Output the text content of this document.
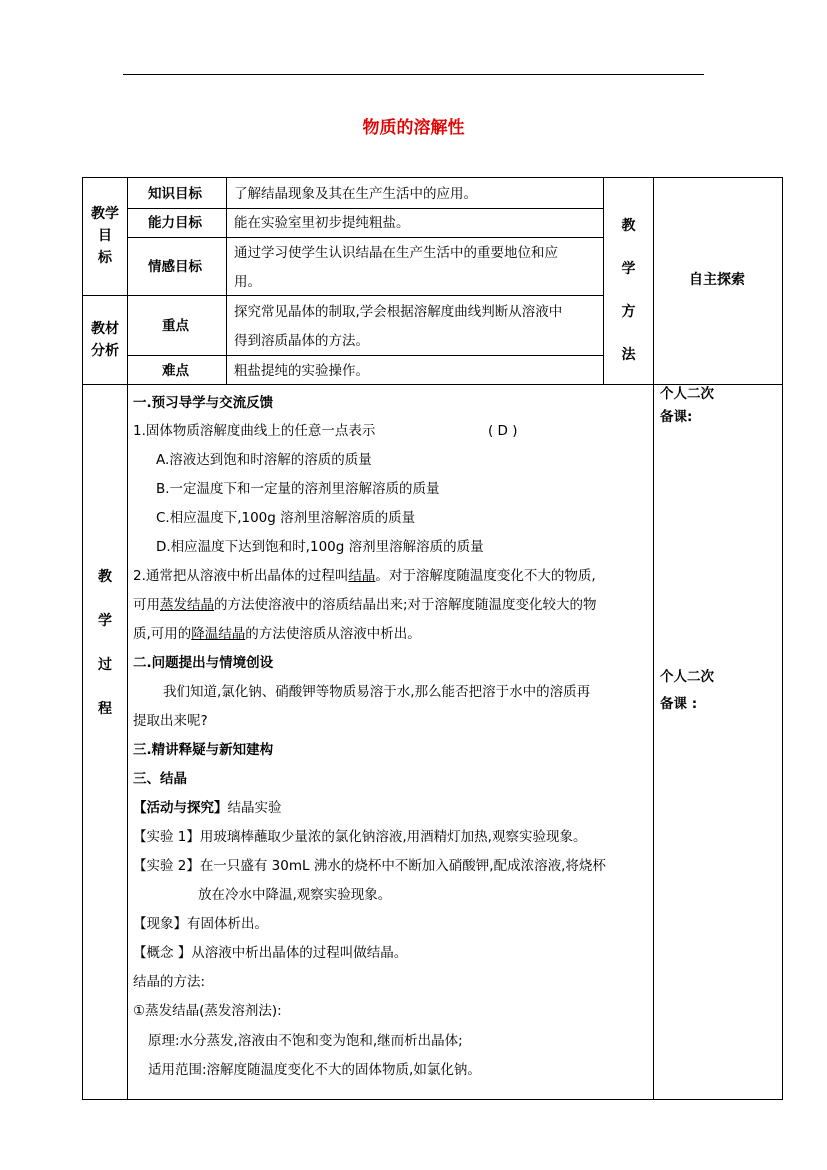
物质的溶解性
教学
目
标
知识目标 了解结晶现象及其在生产生活中的应用。
能力目标 能在实验室里初步提纯粗盐。
情感目标
通过学习使学生认识结晶在生产生活中的重要地位和应
用。
教材
分析
重点
探究常见晶体的制取,学会根据溶解度曲线判断从溶液中
得到溶质晶体的方法。
难点	粗盐提纯的实验操作。
教
学
方
法
自主探索
教
学
过
程
个人二次
备课:
个人二次
备课 :
一.预习导学与交流反馈
1.固体物质溶解度曲线上的任意一点表示	( D )
A.溶液达到饱和时溶解的溶质的质量
B.一定温度下和一定量的溶剂里溶解溶质的质量
C.相应温度下,100g 溶剂里溶解溶质的质量
D.相应温度下达到饱和时,100g 溶剂里溶解溶质的质量
2.通常把从溶液中析出晶体的过程叫结晶。对于溶解度随温度变化不大的物质,
可用蒸发结晶的方法使溶液中的溶质结晶出来;对于溶解度随温度变化较大的物
质,可用的降温结晶的方法使溶质从溶液中析出。
二.问题提出与情境创设
我们知道,氯化钠、硝酸钾等物质易溶于水,那么能否把溶于水中的溶质再
提取出来呢?
三.精讲释疑与新知建构
三、结晶
【活动与探究】结晶实验
【实验 1】用玻璃棒蘸取少量浓的氯化钠溶液,用酒精灯加热,观察实验现象。
【实验 2】在一只盛有 30mL 沸水的烧杯中不断加入硝酸钾,配成浓溶液,将烧杯
放在冷水中降温,观察实验现象。
【现象】有固体析出。
【概念 】从溶液中析出晶体的过程叫做结晶。
结晶的方法:
①蒸发结晶(蒸发溶剂法):
原理:水分蒸发,溶液由不饱和变为饱和,继而析出晶体;
适用范围:溶解度随温度变化不大的固体物质,如氯化钠。
